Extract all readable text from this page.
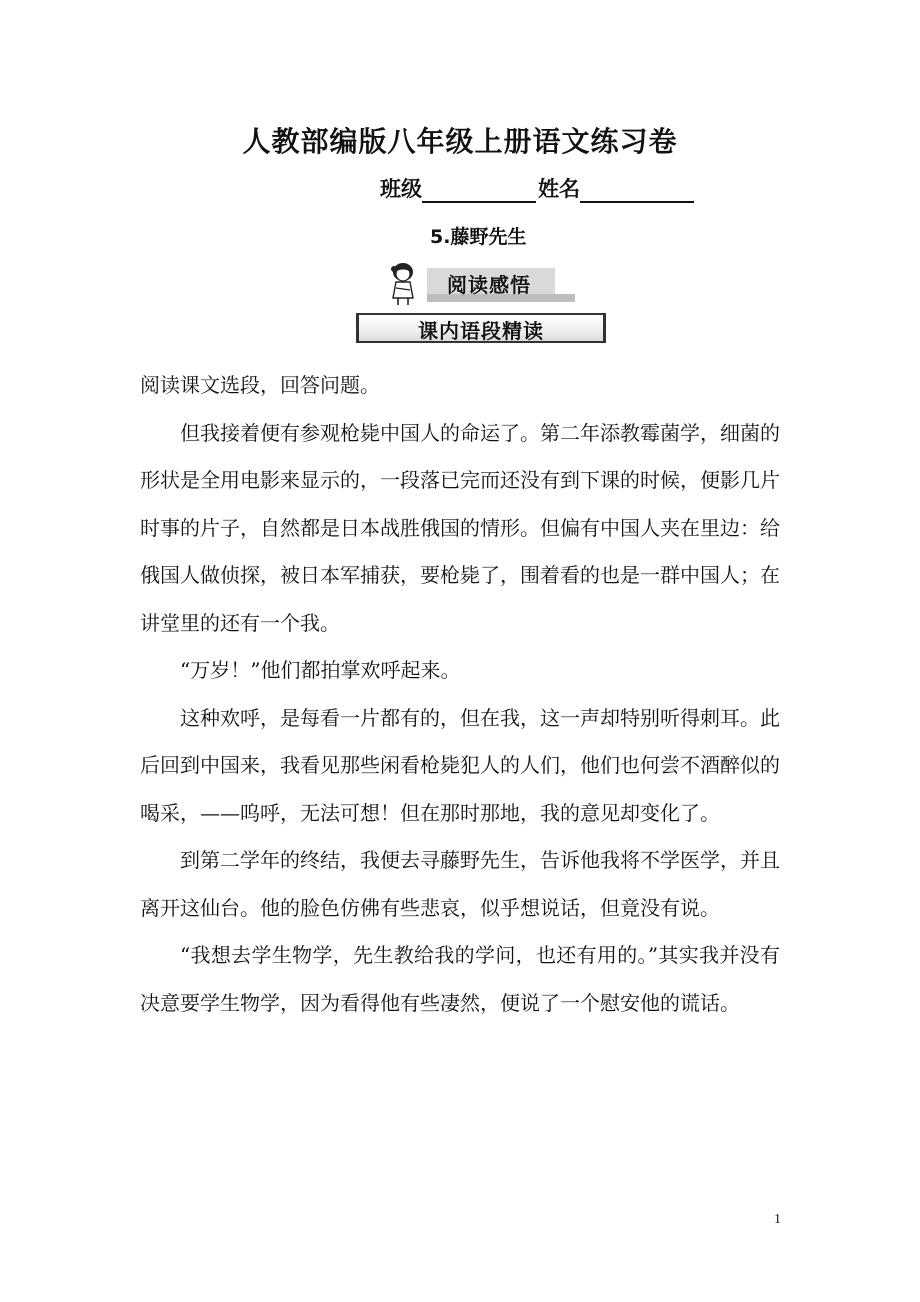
人教部编版八年级上册语文练习卷
班级	姓名
5.藤野先生
阅读感悟
课内语段精读

阅读课文选段，回答问题。

但我接着便有参观枪毙中国人的命运了。第二年添教霉菌学，细菌的形状是全用电影来显示的，一段落已完而还没有到下课的时候，便影几片时事的片子，自然都是日本战胜俄国的情形。但偏有中国人夹在里边：给俄国人做侦探，被日本军捕获，要枪毙了，围着看的也是一群中国人；在讲堂里的还有一个我。

“万岁！”他们都拍掌欢呼起来。

这种欢呼，是每看一片都有的，但在我，这一声却特别听得刺耳。此后回到中国来，我看见那些闲看枪毙犯人的人们，他们也何尝不酒醉似的喝采，——呜呼，无法可想！但在那时那地，我的意见却变化了。

到第二学年的终结，我便去寻藤野先生，告诉他我将不学医学，并且离开这仙台。他的脸色仿佛有些悲哀，似乎想说话，但竟没有说。

“我想去学生物学，先生教给我的学问，也还有用的。”其实我并没有决意要学生物学，因为看得他有些凄然，便说了一个慰安他的谎话。

1
